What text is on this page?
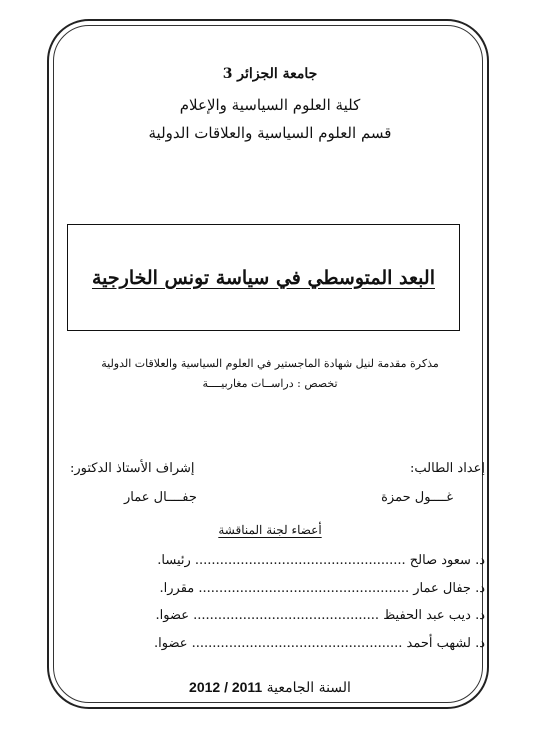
جامعة الجزائر 3
كلية العلوم السياسية والإعلام
قسم العلوم السياسية والعلاقات الدولية
البعد المتوسطي في سياسة تونس الخارجية
مذكرة مقدمة لنيل شهادة الماجستير في العلوم السياسية والعلاقات الدولية
تخصص : دراســات مغاربيــــة
إعداد الطالب:
إشراف الأستاذ الدكتور:
غــــول حمزة
جفــــال عمار
أعضاء لجنة المناقشة
د. سعود صالح ................................................... رئيسا.
د. جفال عمار ................................................... مقررا.
د. ديب عبد الحفيظ ............................................. عضوا.
د. لشهب أحمد ................................................... عضوا.
السنة الجامعية 2012 / 2011
